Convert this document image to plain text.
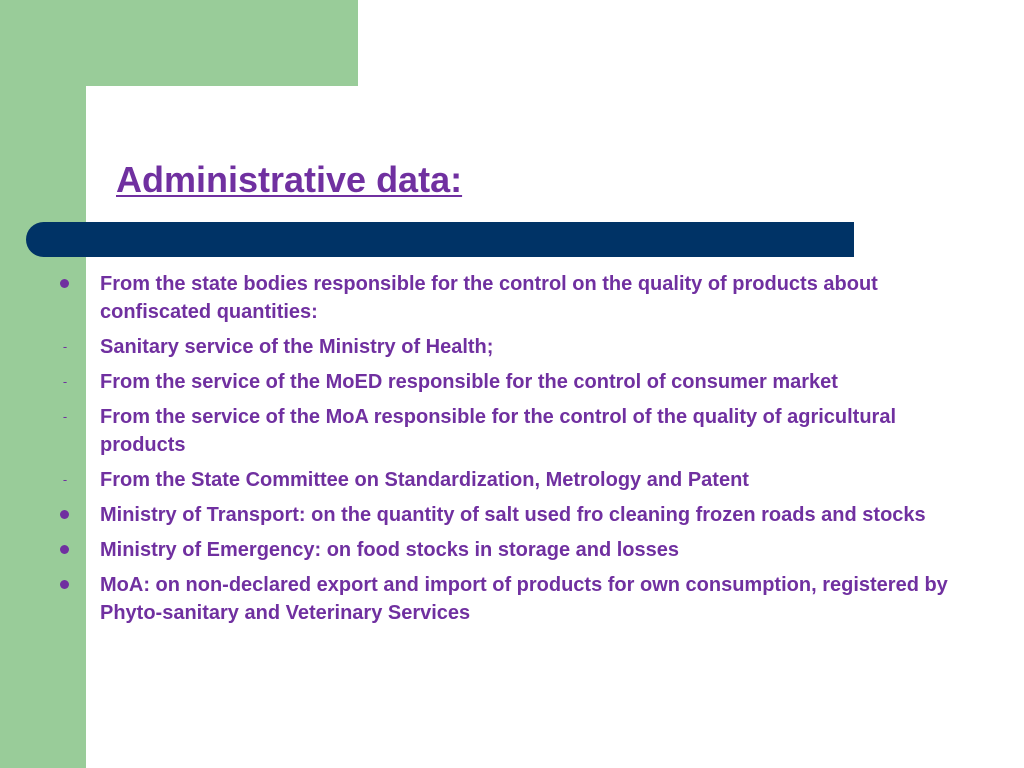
Administrative data:
From the state bodies responsible for the control on the quality of products about confiscated quantities:
- Sanitary service of the Ministry of Health;
- From the service of the MoED responsible for the control of consumer market
- From the service of the MoA responsible for the control of the quality of agricultural products
- From the State Committee on Standardization, Metrology and Patent
Ministry of Transport: on the quantity of salt used fro cleaning frozen roads and stocks
Ministry of Emergency: on food stocks in storage and losses
MoA: on non-declared export and import of products for own consumption, registered by Phyto-sanitary and Veterinary Services
